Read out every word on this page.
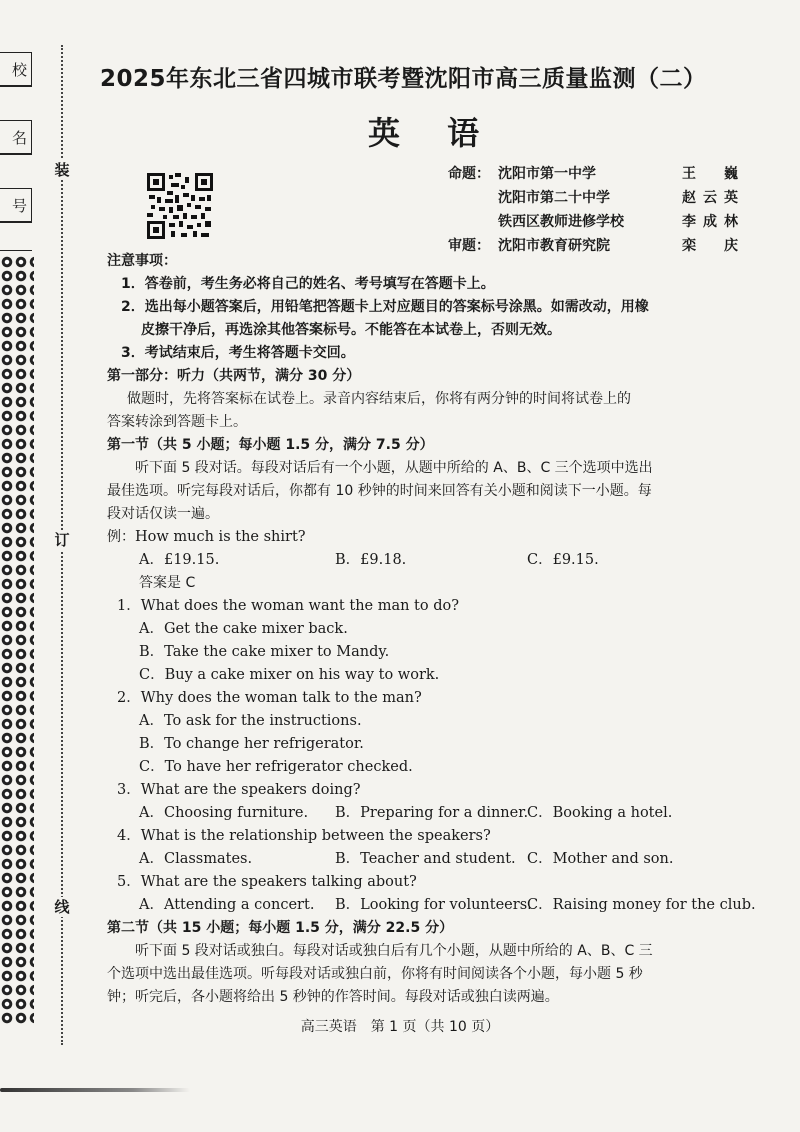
校
名
号
装
订
线
2025年东北三省四城市联考暨沈阳市高三质量监测（二）
英 语
命题： 沈阳市第一中学	王 巍
沈阳市第二十中学	赵云英
铁西区教师进修学校	李成林
审题： 沈阳市教育研究院	栾 庆
注意事项：
1．答卷前，考生务必将自己的姓名、考号填写在答题卡上。
2．选出每小题答案后，用铅笔把答题卡上对应题目的答案标号涂黑。如需改动，用橡
皮擦干净后，再选涂其他答案标号。不能答在本试卷上，否则无效。
3．考试结束后，考生将答题卡交回。
第一部分：听力（共两节，满分 30 分）
做题时，先将答案标在试卷上。录音内容结束后，你将有两分钟的时间将试卷上的
答案转涂到答题卡上。
第一节（共 5 小题；每小题 1.5 分，满分 7.5 分）
听下面 5 段对话。每段对话后有一个小题，从题中所给的 A、B、C 三个选项中选出
最佳选项。听完每段对话后，你都有 10 秒钟的时间来回答有关小题和阅读下一小题。每
段对话仅读一遍。
例：How much is the shirt?
A．£19.15.	B．£9.18.	C．£9.15.
答案是 C
1．What does the woman want the man to do?
A．Get the cake mixer back.
B．Take the cake mixer to Mandy.
C．Buy a cake mixer on his way to work.
2．Why does the woman talk to the man?
A．To ask for the instructions.
B．To change her refrigerator.
C．To have her refrigerator checked.
3．What are the speakers doing?
A．Choosing furniture. B．Preparing for a dinner.
C．Booking a hotel.
4．What is the relationship between the speakers?
A．Classmates.	B．Teacher and student. C．Mother and son.
5．What are the speakers talking about?
A．Attending a concert. B．Looking for volunteers.
C．Raising money for the club.
第二节（共 15 小题；每小题 1.5 分，满分 22.5 分）
听下面 5 段对话或独白。每段对话或独白后有几个小题，从题中所给的 A、B、C 三
个选项中选出最佳选项。听每段对话或独白前，你将有时间阅读各个小题，每小题 5 秒
钟；听完后，各小题将给出 5 秒钟的作答时间。每段对话或独白读两遍。
高三英语　第 1 页（共 10 页）
